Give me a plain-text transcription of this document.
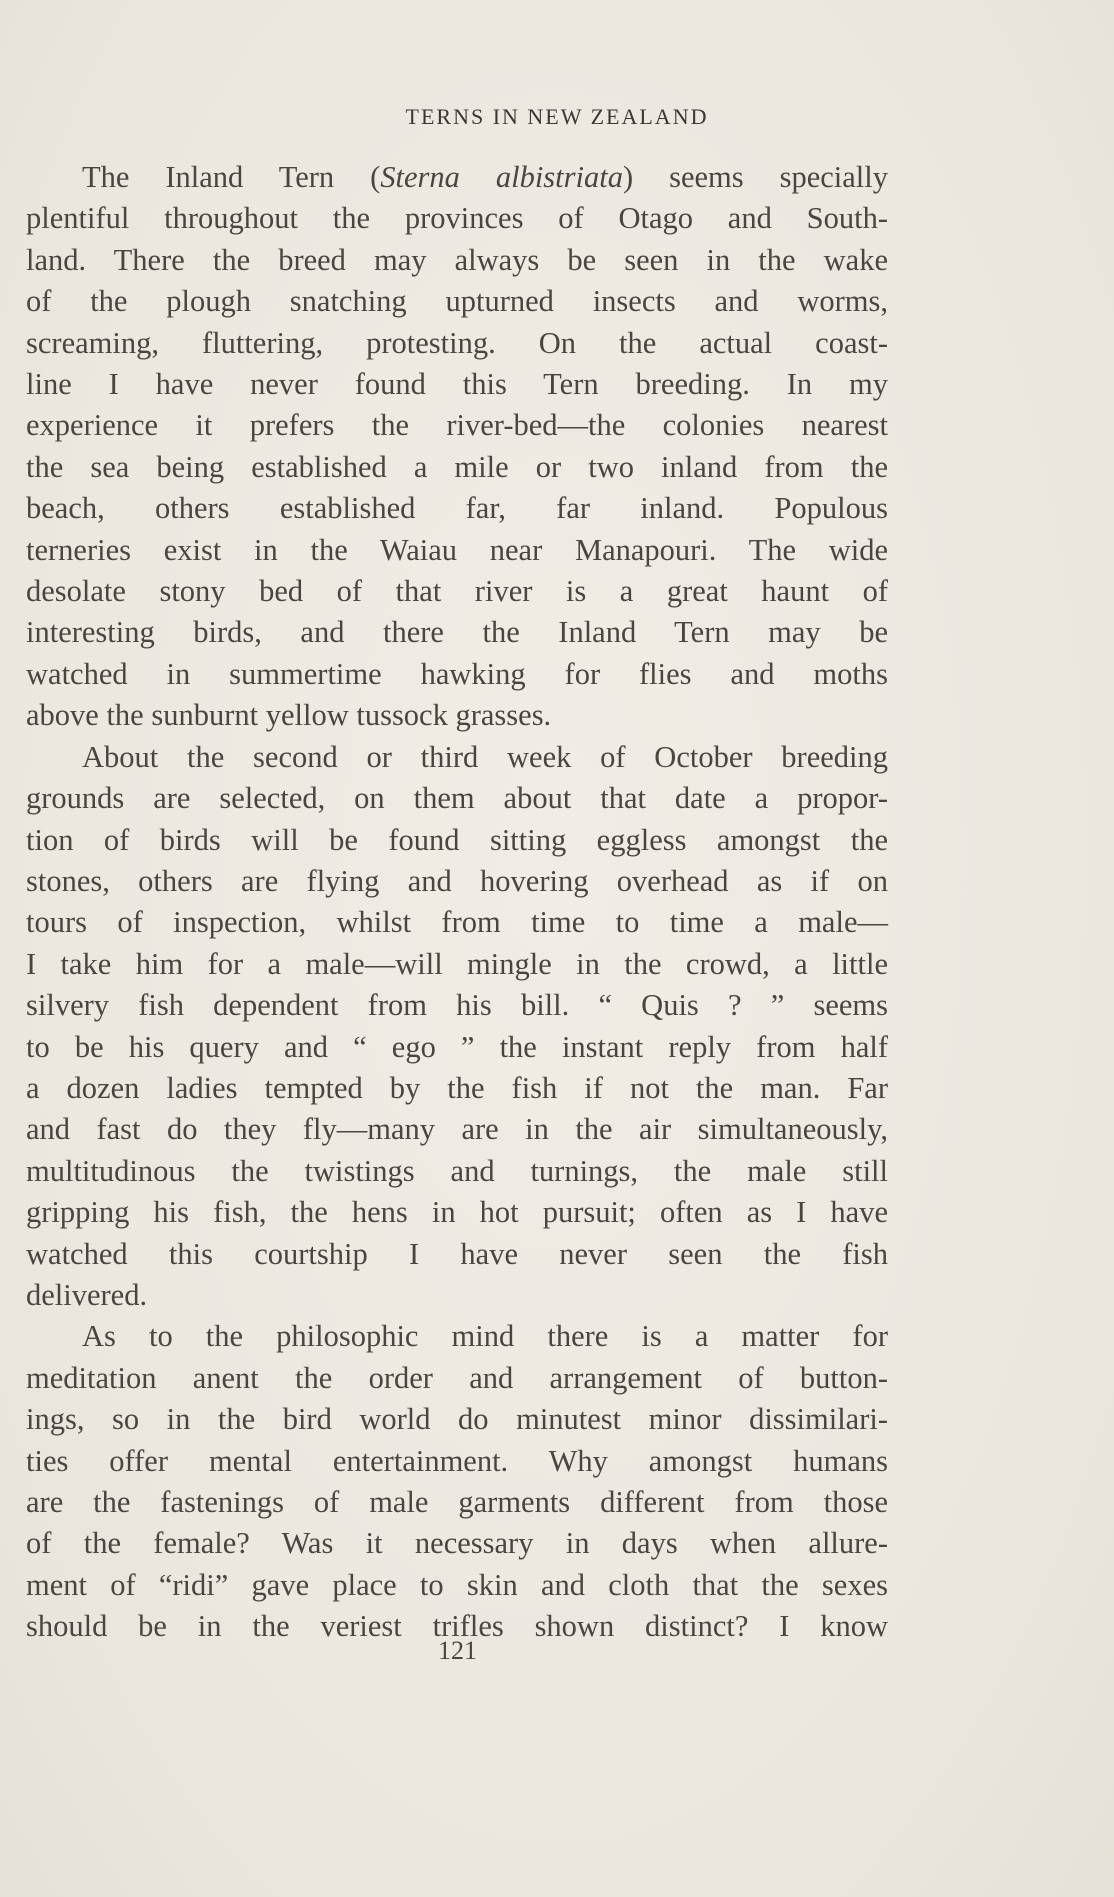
TERNS IN NEW ZEALAND
The Inland Tern (Sterna albistriata) seems specially
plentiful throughout the provinces of Otago and South-
land. There the breed may always be seen in the wake
of the plough snatching upturned insects and worms,
screaming, fluttering, protesting. On the actual coast-
line I have never found this Tern breeding. In my
experience it prefers the river-bed—the colonies nearest
the sea being established a mile or two inland from the
beach, others established far, far inland. Populous
terneries exist in the Waiau near Manapouri. The wide
desolate stony bed of that river is a great haunt of
interesting birds, and there the Inland Tern may be
watched in summertime hawking for flies and moths
above the sunburnt yellow tussock grasses.
About the second or third week of October breeding
grounds are selected, on them about that date a propor-
tion of birds will be found sitting eggless amongst the
stones, others are flying and hovering overhead as if on
tours of inspection, whilst from time to time a male—
I take him for a male—will mingle in the crowd, a little
silvery fish dependent from his bill. “ Quis ? ” seems
to be his query and “ ego ” the instant reply from half
a dozen ladies tempted by the fish if not the man. Far
and fast do they fly—many are in the air simultaneously,
multitudinous the twistings and turnings, the male still
gripping his fish, the hens in hot pursuit; often as I have
watched this courtship I have never seen the fish
delivered.
As to the philosophic mind there is a matter for
meditation anent the order and arrangement of button-
ings, so in the bird world do minutest minor dissimilari-
ties offer mental entertainment. Why amongst humans
are the fastenings of male garments different from those
of the female? Was it necessary in days when allure-
ment of “ridi” gave place to skin and cloth that the sexes
should be in the veriest trifles shown distinct? I know
121
